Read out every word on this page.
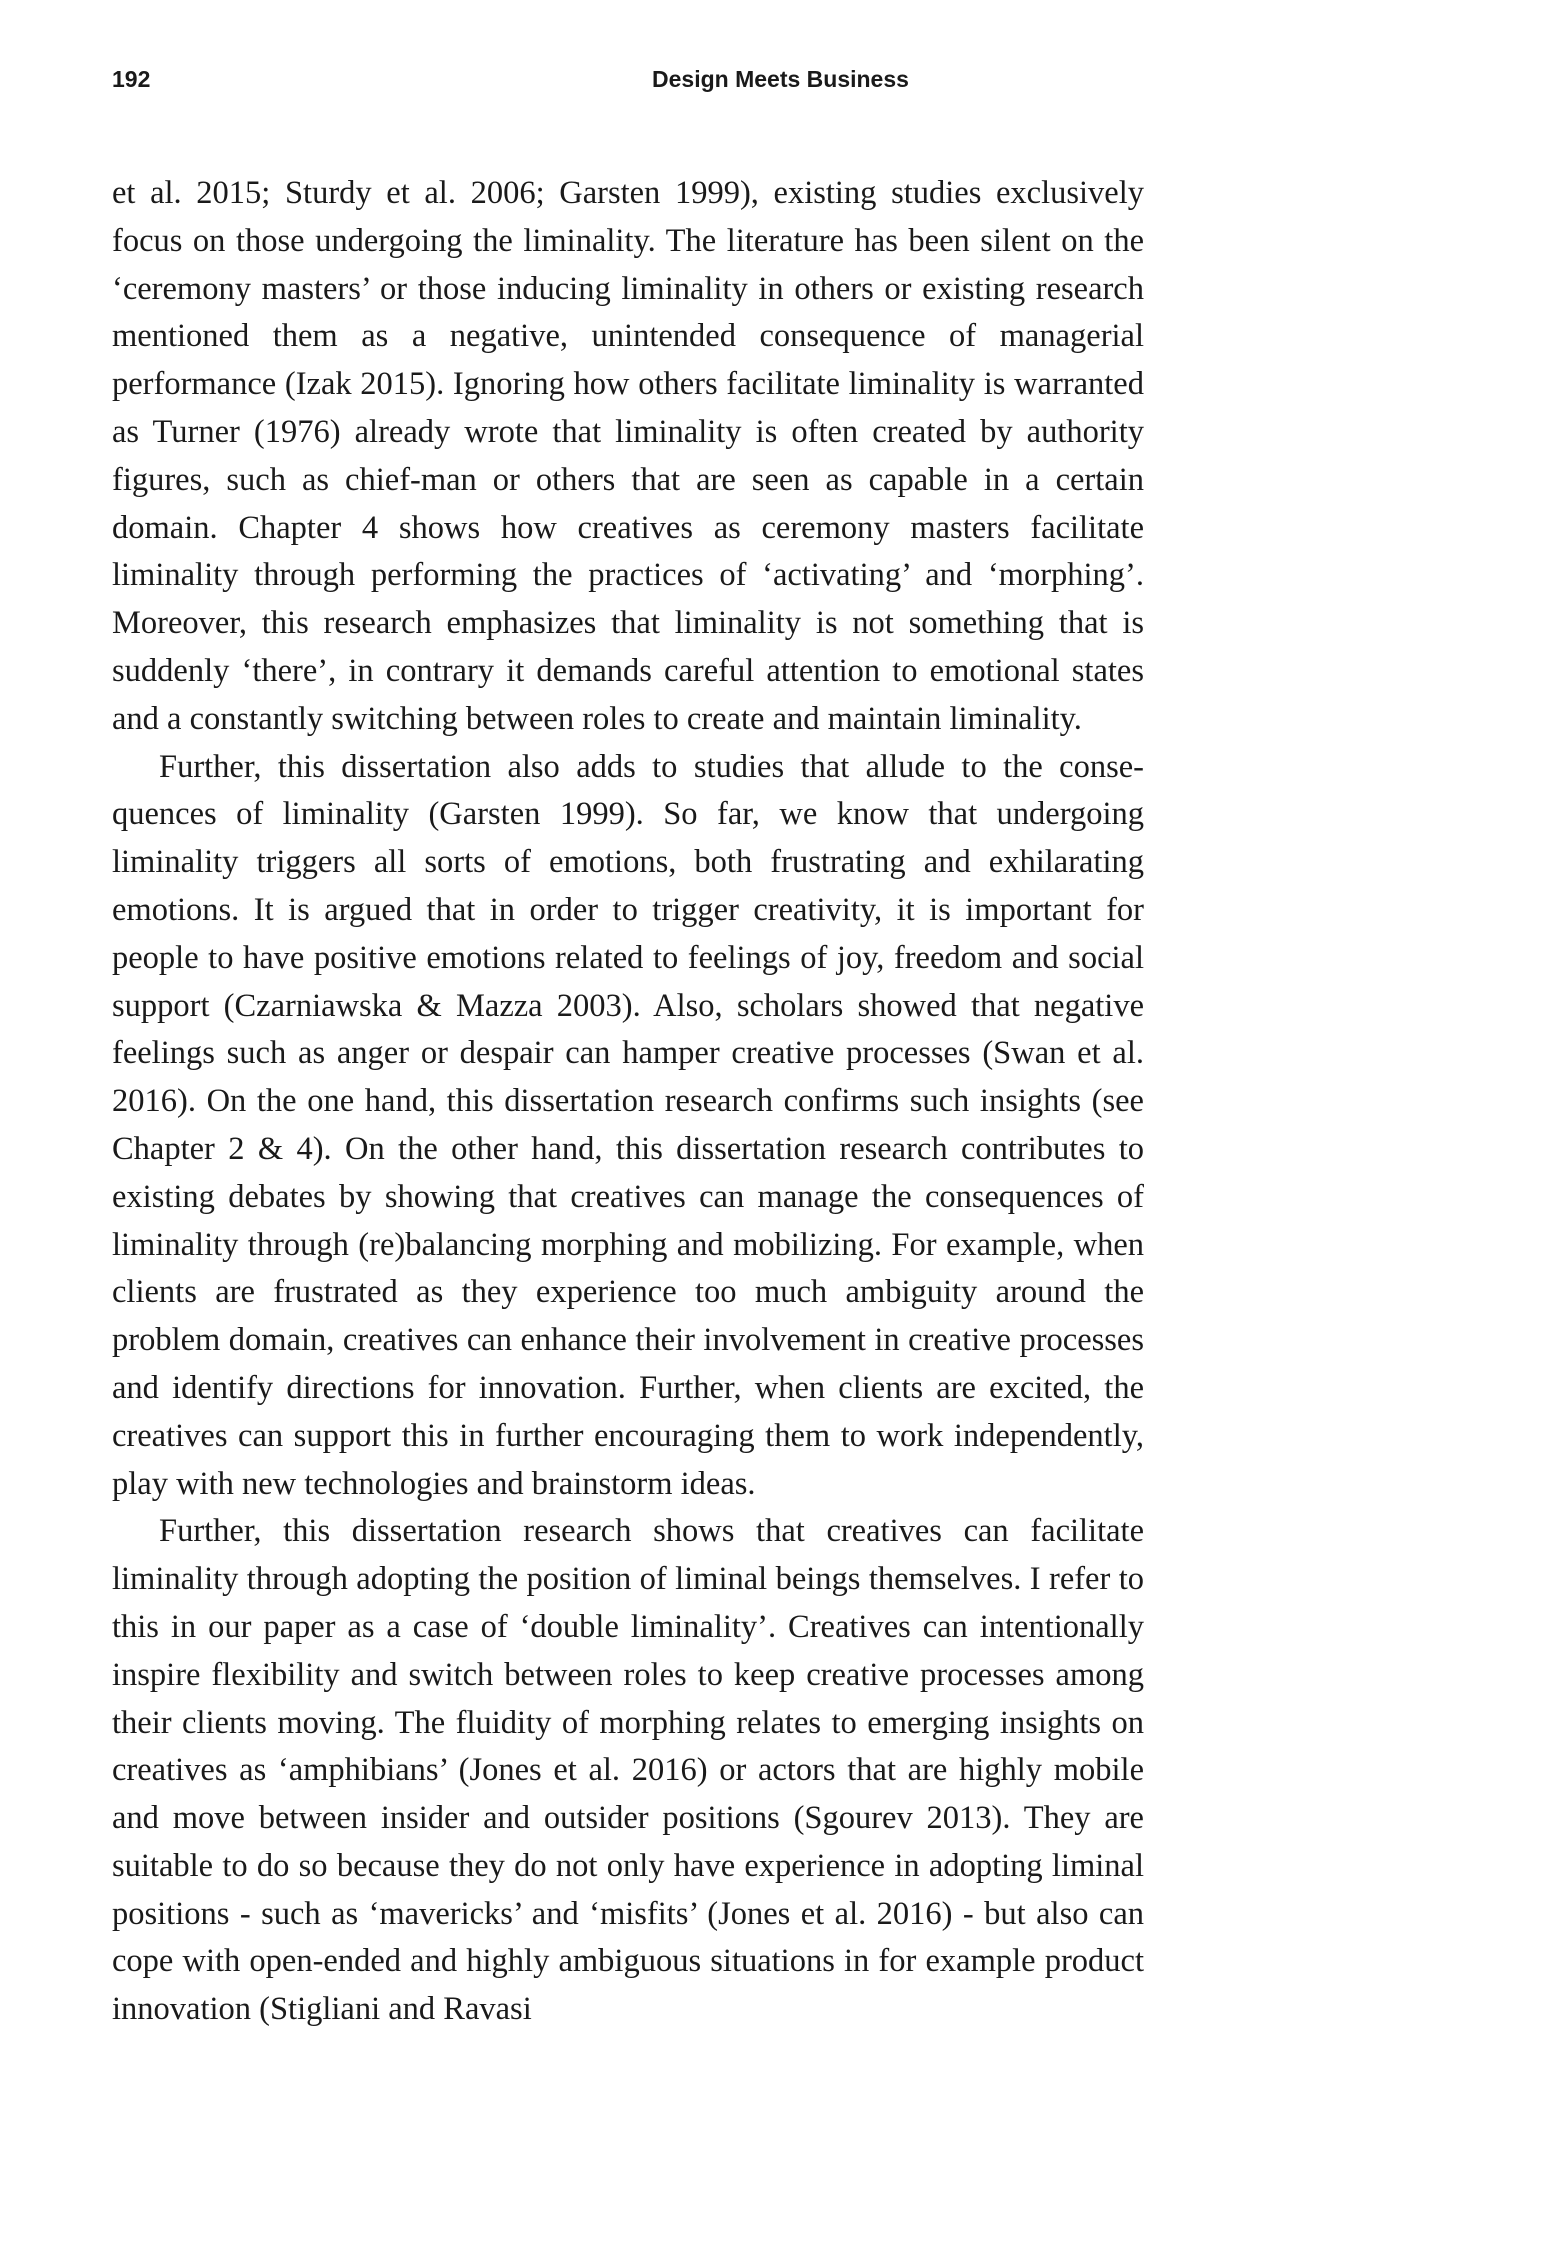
192	Design Meets Business

et al. 2015; Sturdy et al. 2006; Garsten 1999), existing studies exclusively focus on those undergoing the liminality. The literature has been silent on the ‘ceremony masters’ or those inducing liminality in others or existing research mentioned them as a negative, unintended consequence of managerial performance (Izak 2015). Ignoring how others facilitate liminality is warranted as Turner (1976) already wrote that liminality is often created by authority figures, such as chief-man or others that are seen as capable in a certain domain. Chapter 4 shows how creatives as ceremony masters facilitate liminality through performing the practices of ‘activating’ and ‘morphing’. Moreover, this research emphasizes that liminality is not something that is suddenly ‘there’, in contrary it demands careful attention to emotional states and a constantly switching between roles to create and maintain liminality.

Further, this dissertation also adds to studies that allude to the consequences of liminality (Garsten 1999). So far, we know that undergoing liminality triggers all sorts of emotions, both frustrating and exhilarating emotions. It is argued that in order to trigger creativity, it is important for people to have positive emotions related to feelings of joy, freedom and social support (Czarniawska & Mazza 2003). Also, scholars showed that negative feelings such as anger or despair can hamper creative processes (Swan et al. 2016). On the one hand, this dissertation research confirms such insights (see Chapter 2 & 4). On the other hand, this dissertation research contributes to existing debates by showing that creatives can manage the consequences of liminality through (re)balancing morphing and mobilizing. For example, when clients are frustrated as they experience too much ambiguity around the problem domain, creatives can enhance their involvement in creative processes and identify directions for innovation. Further, when clients are excited, the creatives can support this in further encouraging them to work independently, play with new technologies and brainstorm ideas.

Further, this dissertation research shows that creatives can facilitate liminality through adopting the position of liminal beings themselves. I refer to this in our paper as a case of ‘double liminality’. Creatives can intentionally inspire flexibility and switch between roles to keep creative processes among their clients moving. The fluidity of morphing relates to emerging insights on creatives as ‘amphibians’ (Jones et al. 2016) or actors that are highly mobile and move between insider and outsider positions (Sgourev 2013). They are suitable to do so because they do not only have experience in adopting liminal positions - such as ‘mavericks’ and ‘misfits’ (Jones et al. 2016) - but also can cope with open-ended and highly ambiguous situations in for example product innovation (Stigliani and Ravasi
